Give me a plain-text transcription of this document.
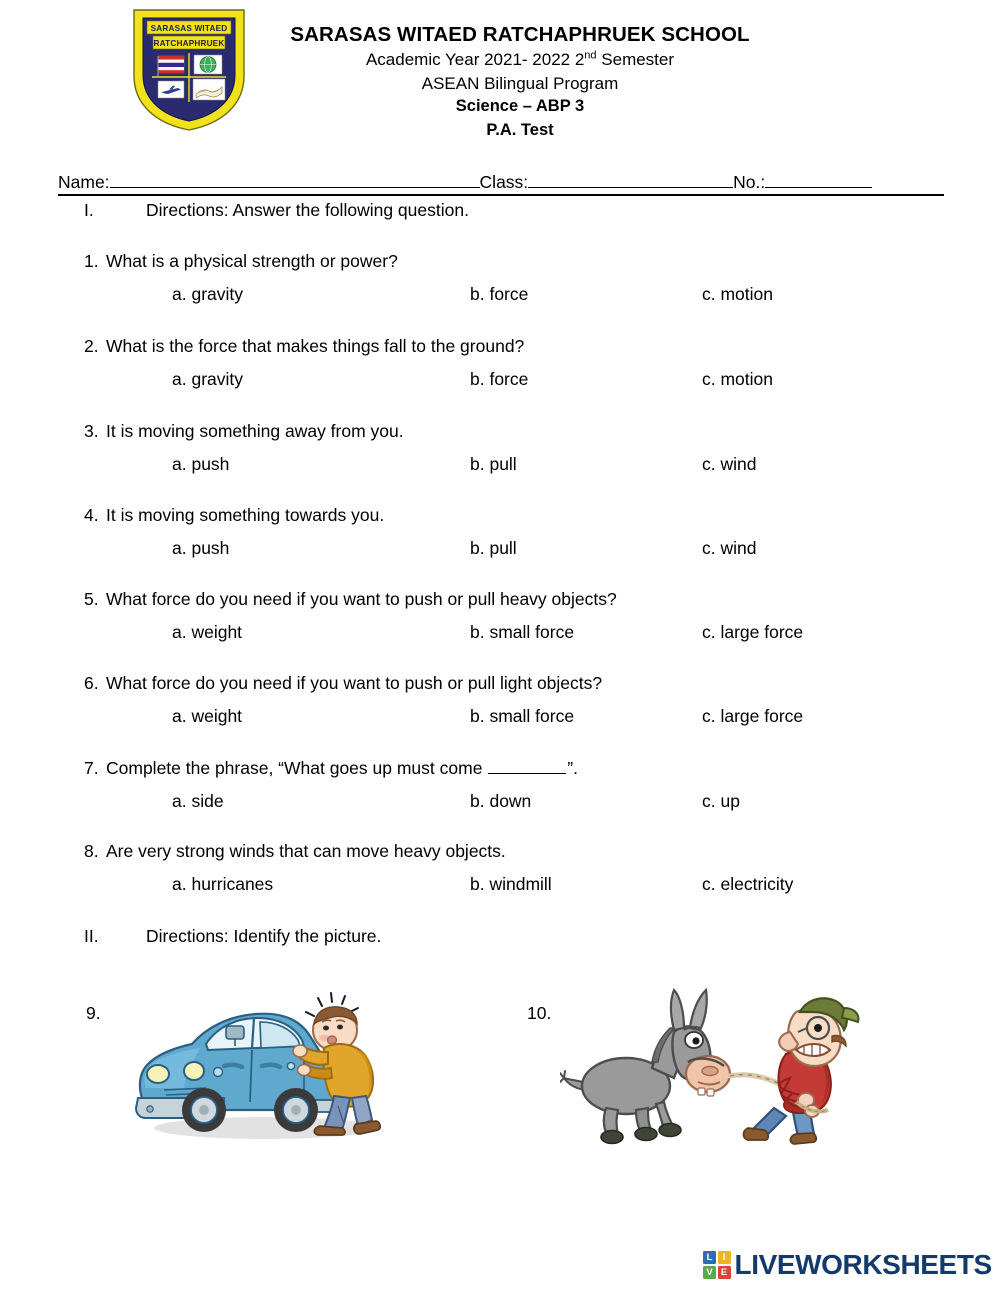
SARASAS WITAED
RATCHAPHRUEK	SARASAS WITAED RATCHAPHRUEK SCHOOL
Academic Year 2021- 2022 2nd Semester
ASEAN Bilingual Program
Science – ABP 3
P.A. Test
Name:	Class:	No.:
I.	Directions: Answer the following question.
1. What is a physical strength or power?
a. gravity	b. force	c. motion
2. What is the force that makes things fall to the ground?
a. gravity	b. force	c. motion
3. It is moving something away from you.
a. push	b. pull	c. wind
4. It is moving something towards you.
a. push	b. pull	c. wind
5. What force do you need if you want to push or pull heavy objects?
a. weight	b. small force	c. large force
6. What force do you need if you want to push or pull light objects?
a. weight	b. small force	c. large force
7. Complete the phrase, “What goes up must come	”.
a. side	b. down	c. up
8. Are very strong winds that can move heavy objects.
a. hurricanes	b. windmill	c. electricity
II.	Directions: Identify the picture.
9.	10.
L	I
V E LIVEWORKSHEETS
